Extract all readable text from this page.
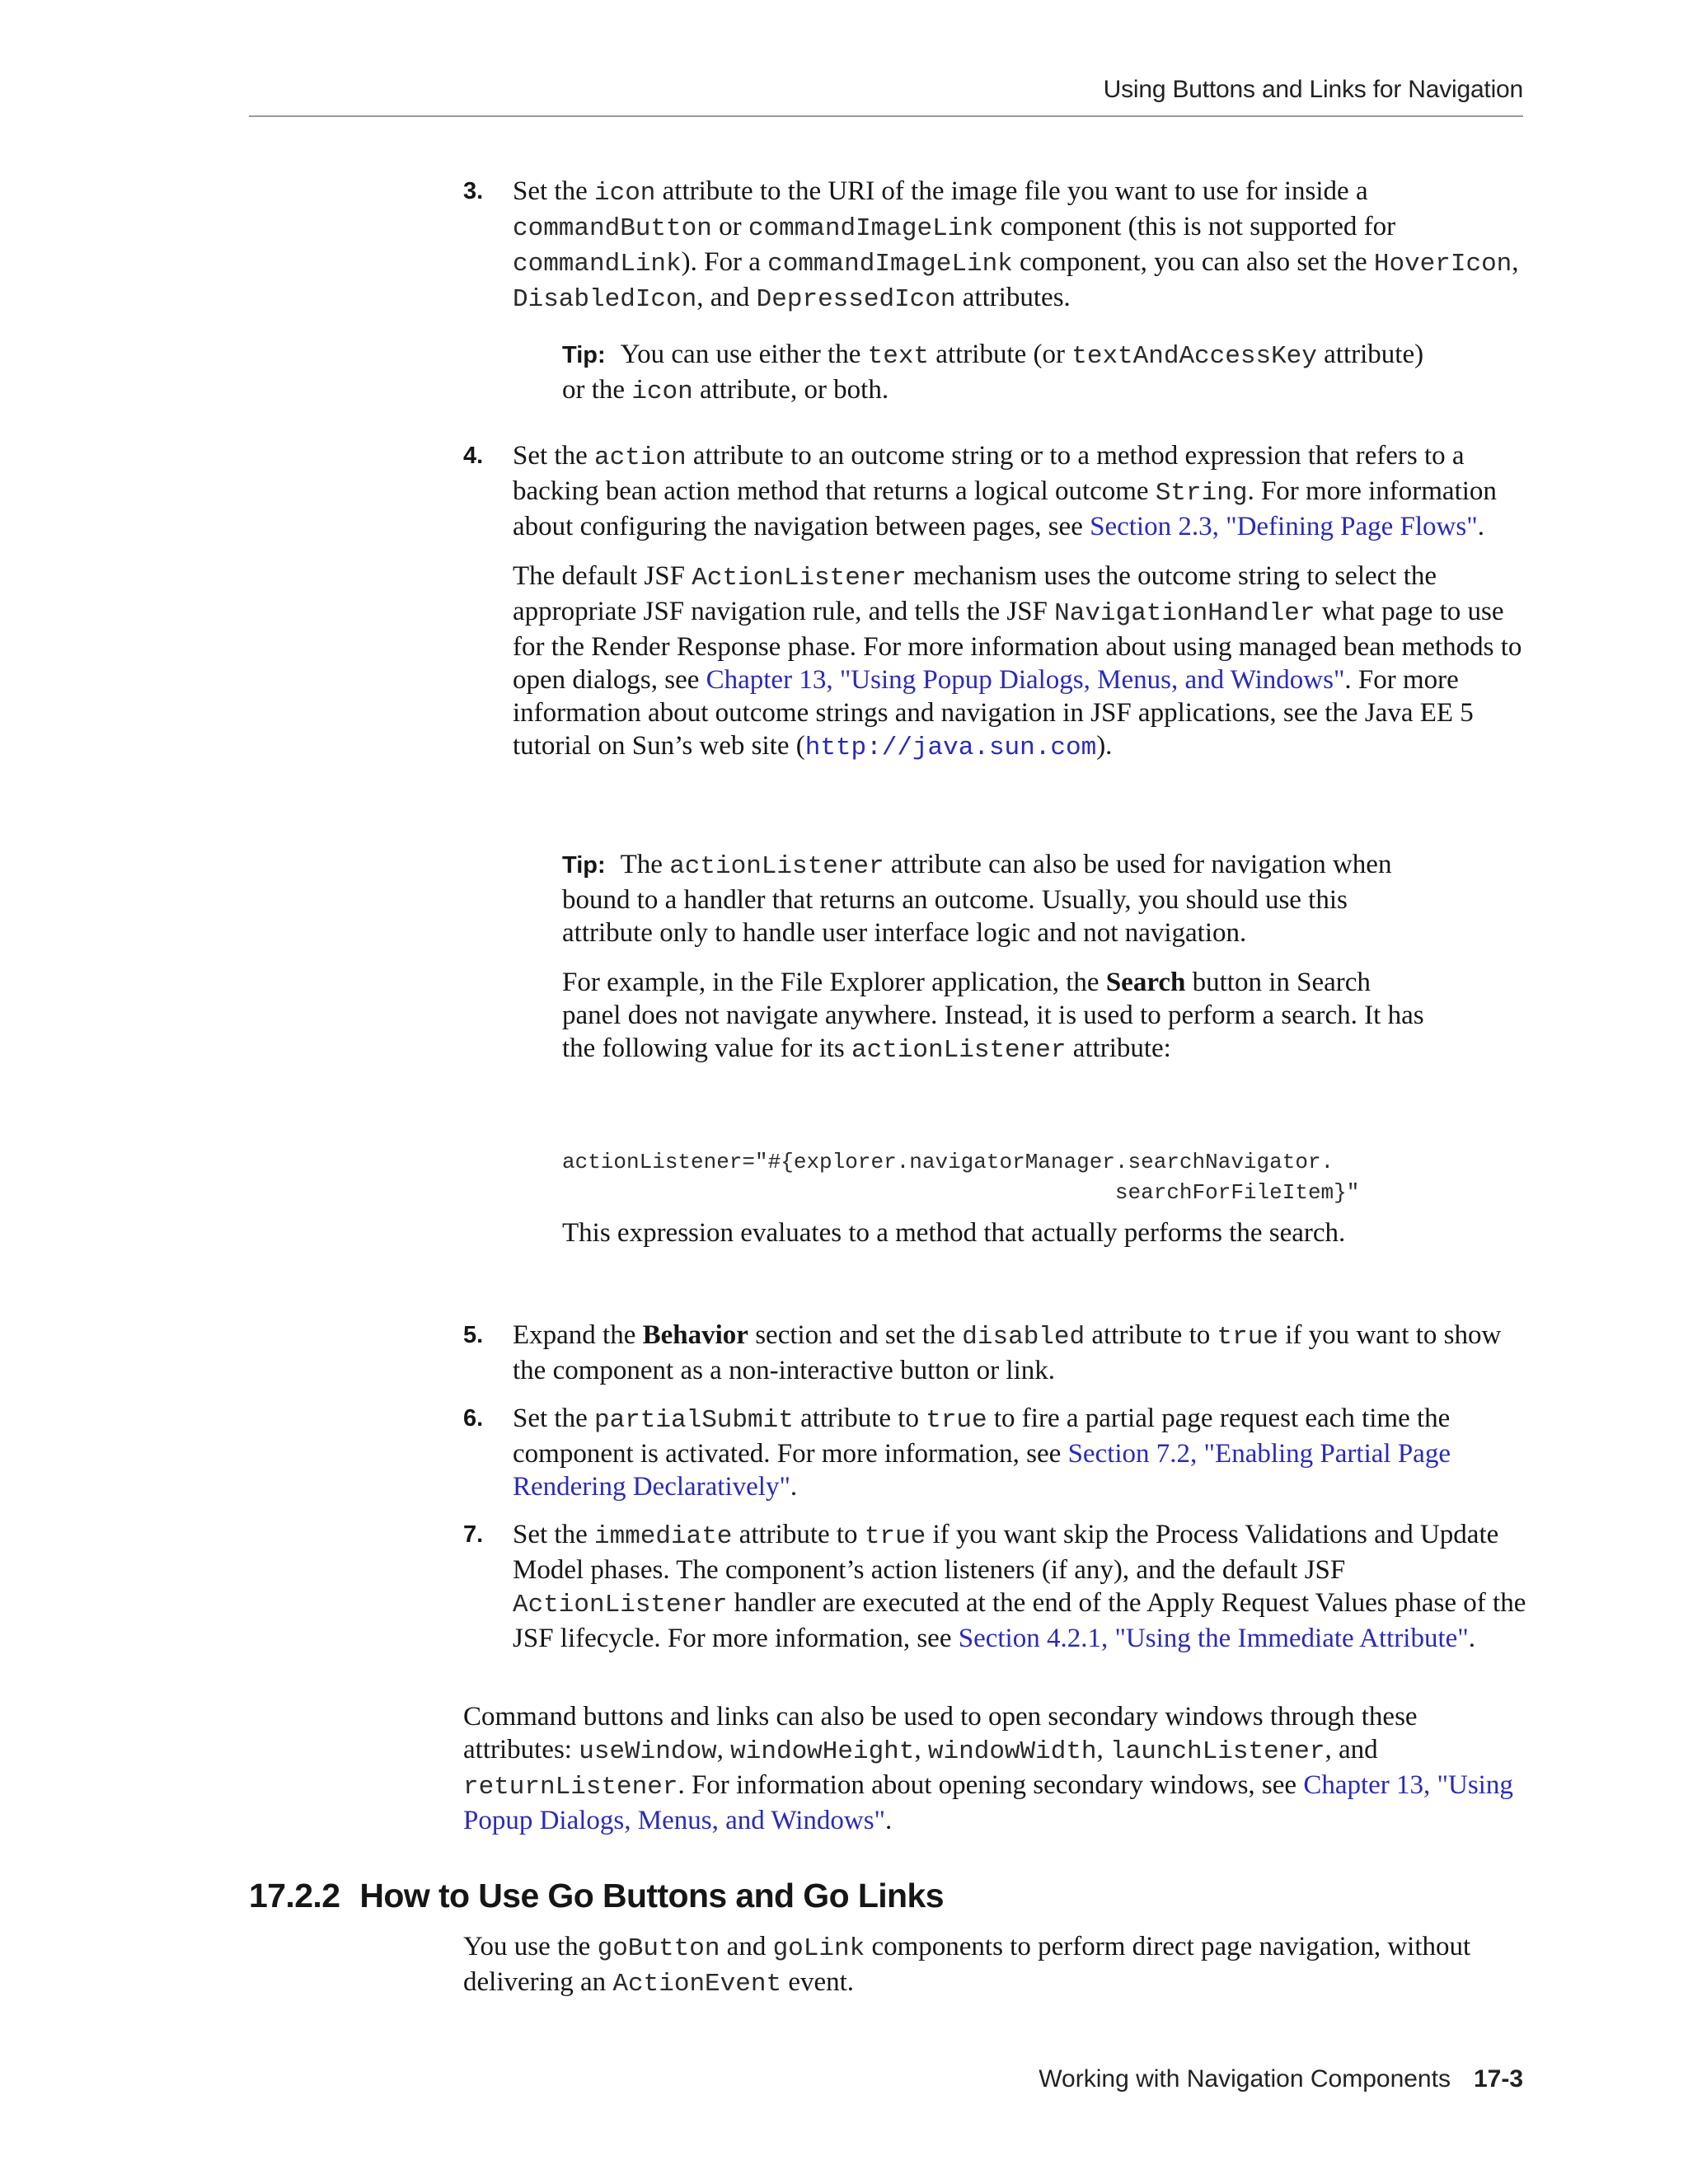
Using Buttons and Links for Navigation
3.	Set the icon attribute to the URI of the image file you want to use for inside a commandButton or commandImageLink component (this is not supported for commandLink). For a commandImageLink component, you can also set the HoverIcon, DisabledIcon, and DepressedIcon attributes.

Tip: You can use either the text attribute (or textAndAccessKey attribute) or the icon attribute, or both.

4.	Set the action attribute to an outcome string or to a method expression that refers to a backing bean action method that returns a logical outcome String. For more information about configuring the navigation between pages, see Section 2.3, "Defining Page Flows".

The default JSF ActionListener mechanism uses the outcome string to select the appropriate JSF navigation rule, and tells the JSF NavigationHandler what page to use for the Render Response phase. For more information about using managed bean methods to open dialogs, see Chapter 13, "Using Popup Dialogs, Menus, and Windows". For more information about outcome strings and navigation in JSF applications, see the Java EE 5 tutorial on Sun’s web site (http://java.sun.com).

Tip: The actionListener attribute can also be used for navigation when bound to a handler that returns an outcome. Usually, you should use this attribute only to handle user interface logic and not navigation.

For example, in the File Explorer application, the Search button in Search panel does not navigate anywhere. Instead, it is used to perform a search. It has the following value for its actionListener attribute:

actionListener="#{explorer.navigatorManager.searchNavigator.
searchForFileItem}"

This expression evaluates to a method that actually performs the search.

5.	Expand the Behavior section and set the disabled attribute to true if you want to show the component as a non-interactive button or link.

6.	Set the partialSubmit attribute to true to fire a partial page request each time the component is activated. For more information, see Section 7.2, "Enabling Partial Page Rendering Declaratively".

7.	Set the immediate attribute to true if you want skip the Process Validations and Update Model phases. The component’s action listeners (if any), and the default JSF ActionListener handler are executed at the end of the Apply Request Values phase of the JSF lifecycle. For more information, see Section 4.2.1, "Using the Immediate Attribute".

Command buttons and links can also be used to open secondary windows through these attributes: useWindow, windowHeight, windowWidth, launchListener, and returnListener. For information about opening secondary windows, see Chapter 13, "Using Popup Dialogs, Menus, and Windows".

17.2.2 How to Use Go Buttons and Go Links

You use the goButton and goLink components to perform direct page navigation, without delivering an ActionEvent event.

Working with Navigation Components 17-3
